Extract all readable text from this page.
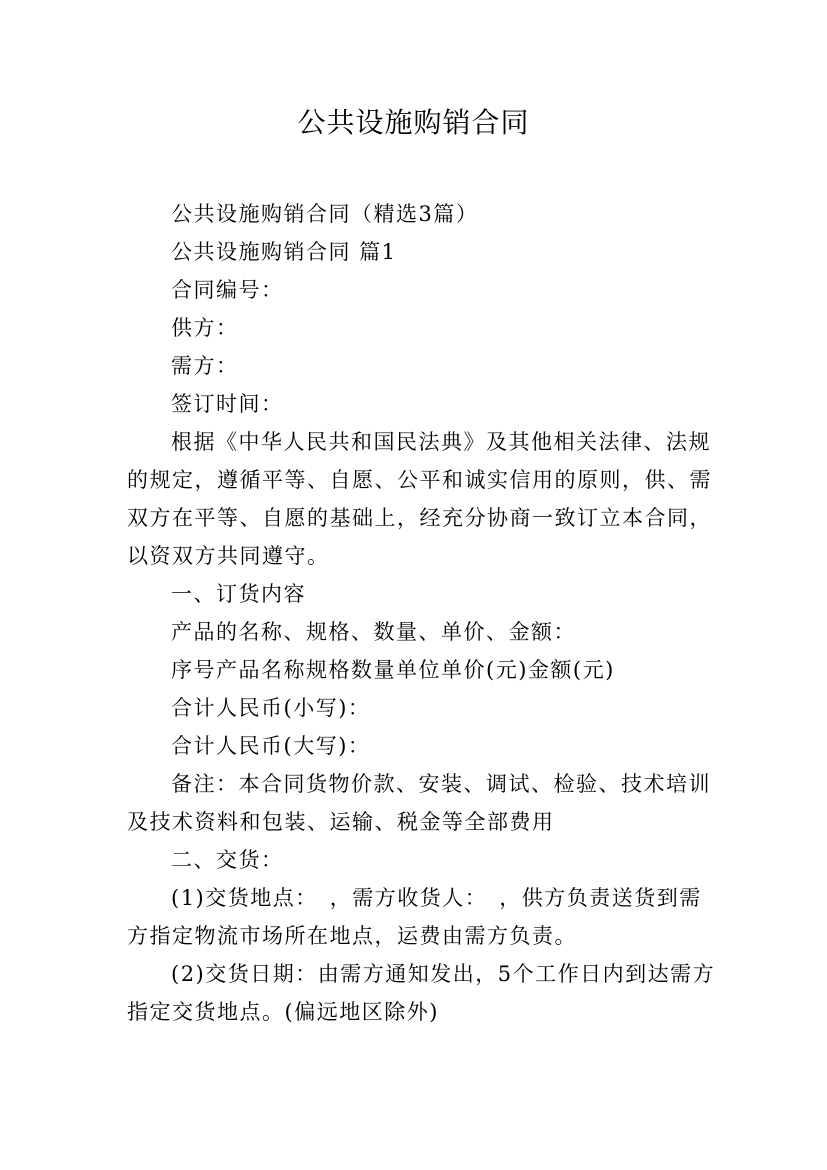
公共设施购销合同

公共设施购销合同（精选3篇）

公共设施购销合同 篇1

合同编号：

供方：

需方：

签订时间：

根据《中华人民共和国民法典》及其他相关法律、法规

的规定，遵循平等、自愿、公平和诚实信用的原则，供、需

双方在平等、自愿的基础上，经充分协商一致订立本合同，

以资双方共同遵守。

一、订货内容

产品的名称、规格、数量、单价、金额：

序号产品名称规格数量单位单价(元)金额(元)

合计人民币(小写)：

合计人民币(大写)：

备注：本合同货物价款、安装、调试、检验、技术培训

及技术资料和包装、运输、税金等全部费用

二、交货：

(1)交货地点：　，需方收货人：　，供方负责送货到需

方指定物流市场所在地点，运费由需方负责。

(2)交货日期：由需方通知发出，5个工作日内到达需方

指定交货地点。(偏远地区除外)
